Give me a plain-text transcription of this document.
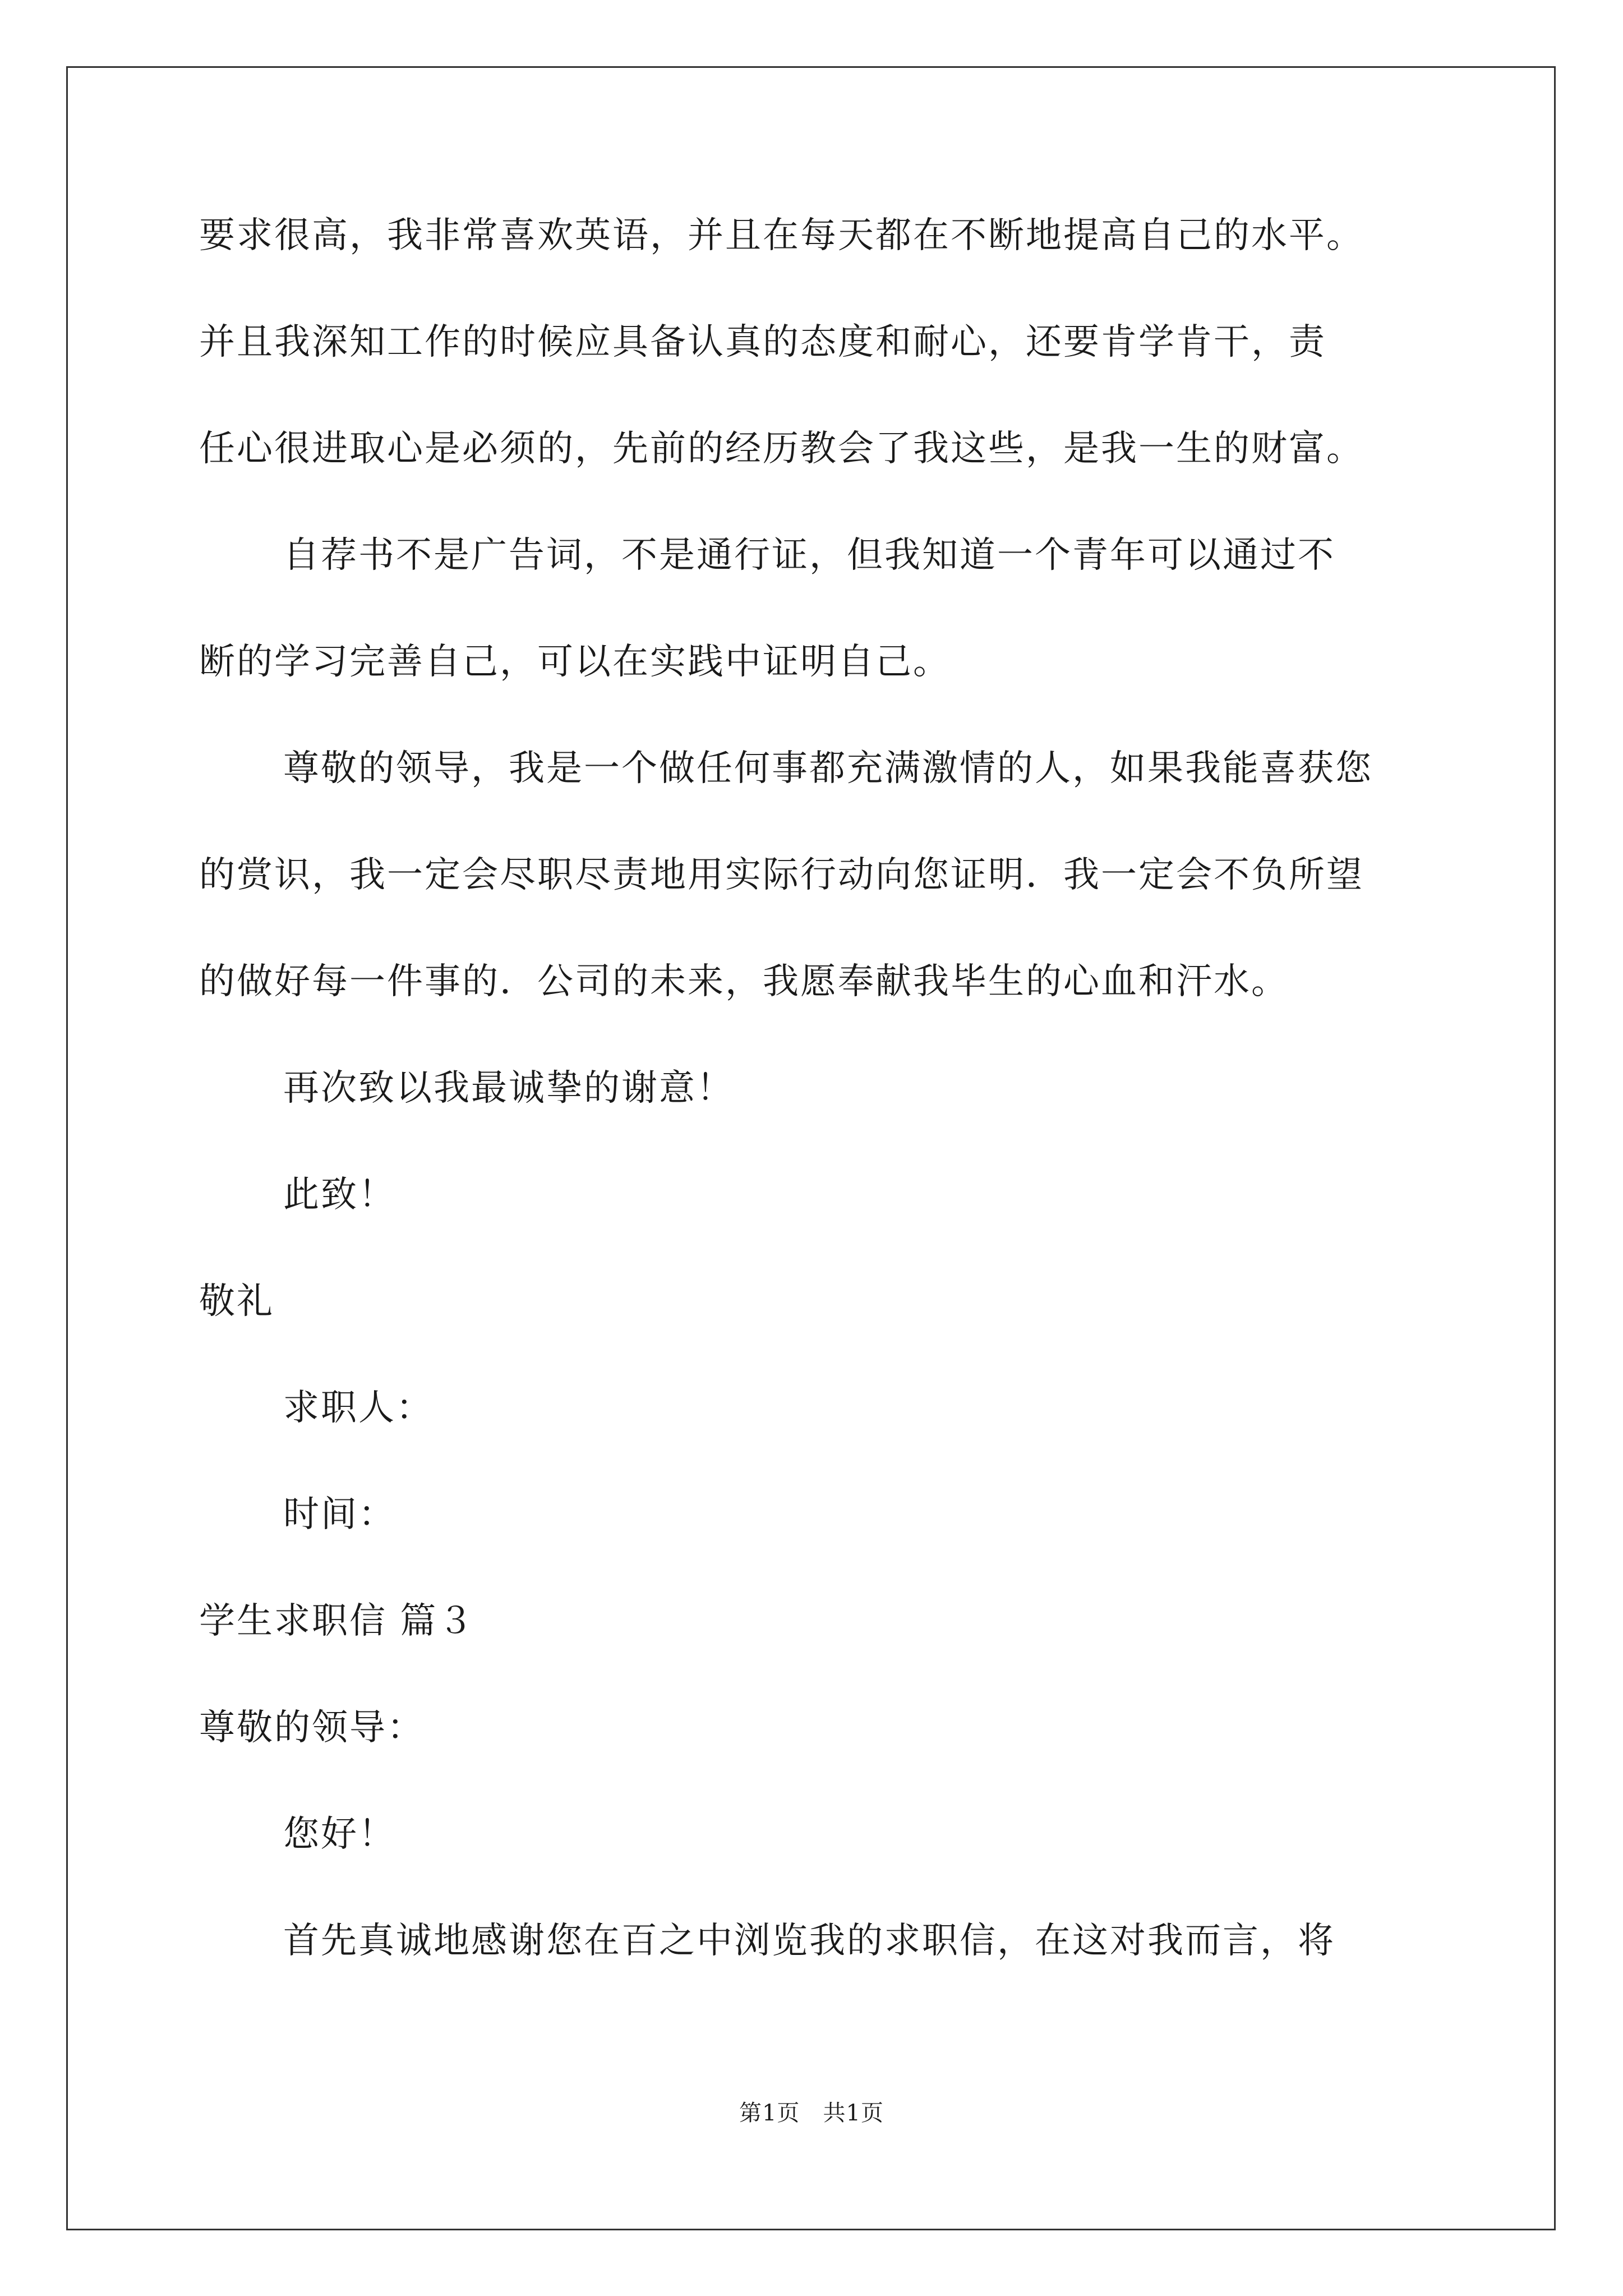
要求很高，我非常喜欢英语，并且在每天都在不断地提高自己的水平。
并且我深知工作的时候应具备认真的态度和耐心，还要肯学肯干，责
任心很进取心是必须的，先前的经历教会了我这些，是我一生的财富。
自荐书不是广告词，不是通行证，但我知道一个青年可以通过不
断的学习完善自己，可以在实践中证明自己。
尊敬的领导，我是一个做任何事都充满激情的人，如果我能喜获您
的赏识，我一定会尽职尽责地用实际行动向您证明．我一定会不负所望
的做好每一件事的．公司的未来，我愿奉献我毕生的心血和汗水。
再次致以我最诚挚的谢意！
此致！
敬礼
求职人：
时间：
学生求职信 篇３
尊敬的领导：
您好！
首先真诚地感谢您在百之中浏览我的求职信，在这对我而言，将
第1页   共1页
